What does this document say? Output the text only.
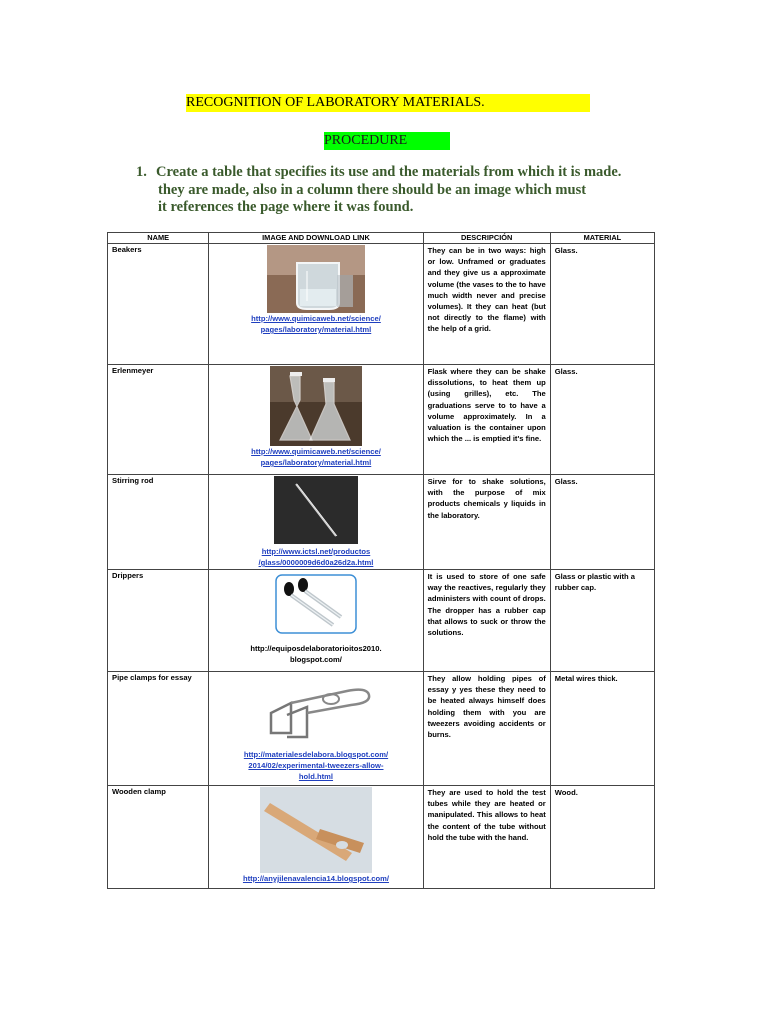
RECOGNITION OF LABORATORY MATERIALS.
PROCEDURE
1. Create a table that specifies its use and the materials from which it is made.
they are made, also in a column there should be an image which must
it references the page where it was found.
NAME	IMAGE AND DOWNLOAD LINK	DESCRIPCIÓN	MATERIAL
Beakers	http://www.quimicaweb.net/science/
pages/laboratory/material.html	They can be in two ways: high or low. Unframed or graduates and they give us a approximate volume (the vases to the to have much width never and precise volumes). It they can heat (but not directly to the flame) with the help of a grid.	Glass.
Erlenmeyer	http://www.quimicaweb.net/science/
pages/laboratory/material.html	Flask where they can be shake dissolutions, to heat them up (using grilles), etc. The graduations serve to to have a volume approximately. In a valuation is the container upon which the ... is emptied it's fine.	Glass.
Stirring rod	http://www.ictsl.net/productos
/glass/0000009d6d0a26d2a.html	Sirve for to shake solutions, with the purpose of mix products chemicals y liquids in the laboratory.	Glass.
Drippers	http://equiposdelaboratorioitos2010.
blogspot.com/	It is used to store of one safe way the reactives, regularly they administers with count of drops. The dropper has a rubber cap that allows to suck or throw the solutions.	Glass or plastic with a rubber cap.
Pipe clamps for essay	http://materialesdelabora.blogspot.com/
2014/02/experimental-tweezers-allow-
hold.html	They allow holding pipes of essay y yes these they need to be heated always himself does holding them with you are tweezers avoiding accidents or burns.	Metal wires thick.
Wooden clamp	http://anyjilenavalencia14.blogspot.com/	They are used to hold the test tubes while they are heated or manipulated. This allows to heat the content of the tube without hold the tube with the hand.	Wood.
